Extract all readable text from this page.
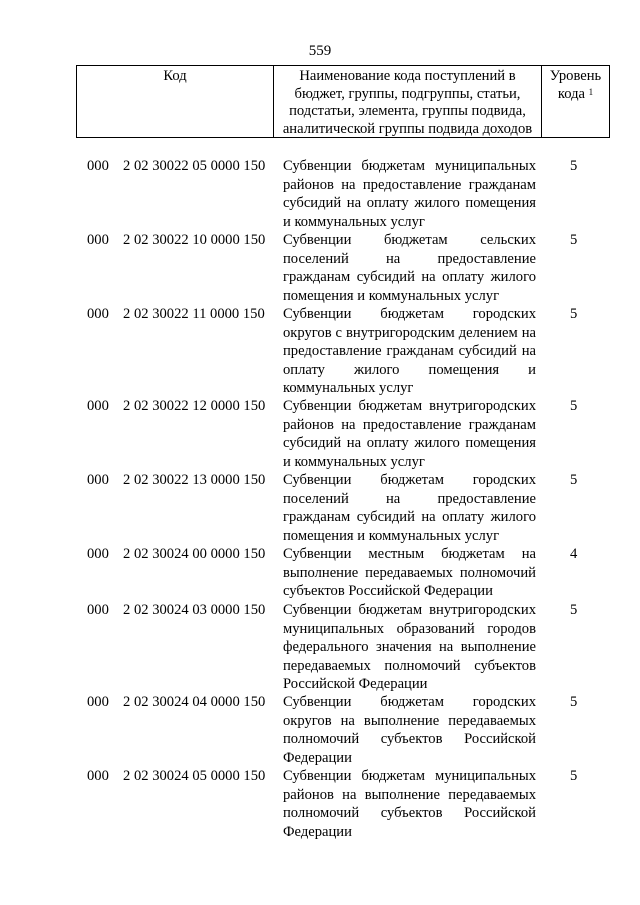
559
Код	Наименование кода поступлений в бюджет, группы, подгруппы, статьи, подстатьи, элемента, группы подвида, аналитической группы подвида доходов
Уровень кода $^1$
000 2 02 30022 05 0000 150 Субвенции бюджетам муниципальных районов на предоставление гражданам субсидий на оплату жилого помещения и коммунальных услуг
5
000 2 02 30022 10 0000 150 Субвенции бюджетам сельских поселений на предоставление гражданам субсидий на оплату жилого помещения и коммунальных услуг
5
000 2 02 30022 11 0000 150 Субвенции бюджетам городских округов с внутригородским делением на предоставление гражданам субсидий на оплату жилого помещения и коммунальных услуг
5
000 2 02 30022 12 0000 150 Субвенции бюджетам внутригородских районов на предоставление гражданам субсидий на оплату жилого помещения и коммунальных услуг
5
000 2 02 30022 13 0000 150 Субвенции бюджетам городских поселений на предоставление гражданам субсидий на оплату жилого помещения и коммунальных услуг
5
000 2 02 30024 00 0000 150 Субвенции местным бюджетам на выполнение передаваемых полномочий субъектов Российской Федерации
4
000 2 02 30024 03 0000 150 Субвенции бюджетам внутригородских муниципальных образований городов федерального значения на выполнение передаваемых полномочий субъектов Российской Федерации
5
000 2 02 30024 04 0000 150 Субвенции бюджетам городских округов на выполнение передаваемых полномочий субъектов Российской Федерации
5
000 2 02 30024 05 0000 150 Субвенции бюджетам муниципальных районов на выполнение передаваемых полномочий субъектов Российской Федерации
5
